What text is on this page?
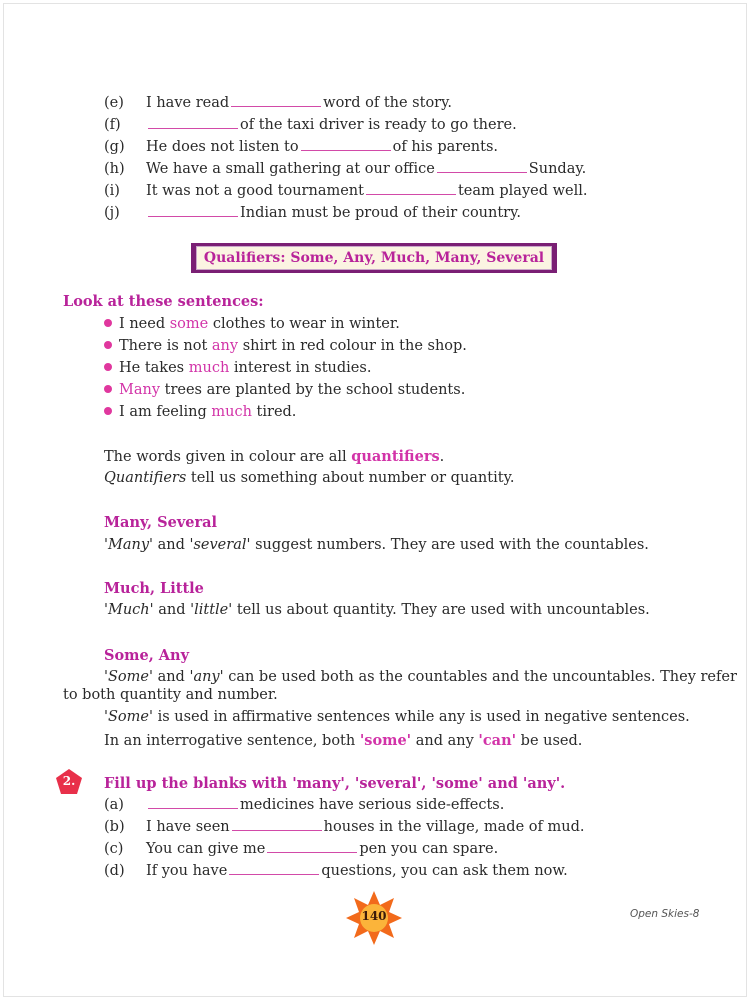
(e) I have read	word of the story.
(f)	of the taxi driver is ready to go there.
(g) He does not listen to	of his parents.
(h) We have a small gathering at our office	Sunday.
(i) It was not a good tournament	team played well.
(j)	Indian must be proud of their country.
Qualifiers: Some, Any, Much, Many, Several
Look at these sentences:
I need some clothes to wear in winter.
There is not any shirt in red colour in the shop.
He takes much interest in studies.
Many trees are planted by the school students.
I am feeling much tired.
The words given in colour are all quantifiers.
Quantifiers tell us something about number or quantity.
Many, Several
'Many' and 'several' suggest numbers. They are used with the countables.
Much, Little
'Much' and 'little' tell us about quantity. They are used with uncountables.
Some, Any
'Some' and 'any' can be used both as the countables and the uncountables. They refer
to both quantity and number.
'Some' is used in affirmative sentences while any is used in negative sentences.
In an interrogative sentence, both 'some' and any 'can' be used.
2.	Fill up the blanks with 'many', 'several', 'some' and 'any'.
(a)	medicines have serious side-effects.
(b) I have seen	houses in the village, made of mud.
(c) You can give me	pen you can spare.
(d) If you have	questions, you can ask them now.
140	Open Skies-8
